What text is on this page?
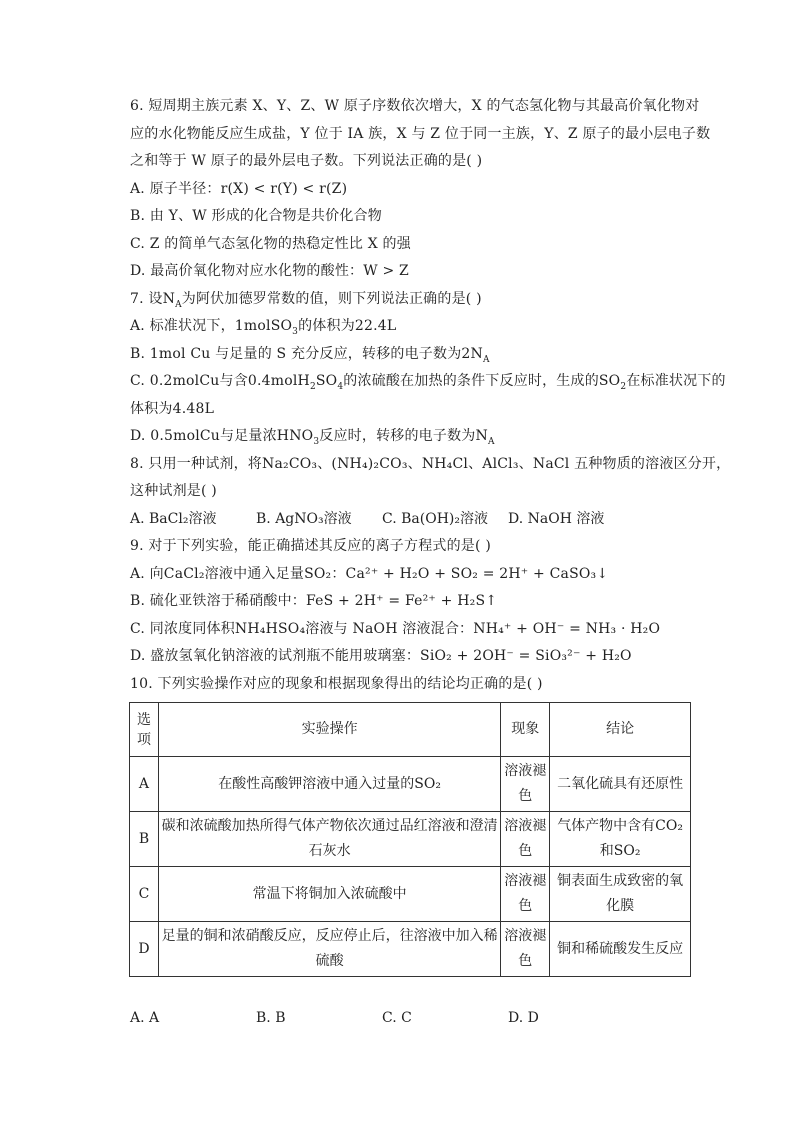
6. 短周期主族元素 X、Y、Z、W 原子序数依次增大，X 的气态氢化物与其最高价氧化物对
应的水化物能反应生成盐，Y 位于 IA 族，X 与 Z 位于同一主族，Y、Z 原子的最小层电子数
之和等于 W 原子的最外层电子数。下列说法正确的是( )
A. 原子半径：r(X) < r(Y) < r(Z)
B. 由 Y、W 形成的化合物是共价化合物
C. Z 的简单气态氢化物的热稳定性比 X 的强
D. 最高价氧化物对应水化物的酸性：W > Z
7. 设$N_A$为阿伏加德罗常数的值，则下列说法正确的是( )
A. 标准状况下，1molSO$_3$的体积为22.4L
B. 1mol Cu 与足量的 S 充分反应，转移的电子数为$2N_A$
C. 0.2molCu与含$0.4molH_2SO_4$的浓硫酸在加热的条件下反应时，生成的$SO_2$在标准状况下的
体积为4.48L
D. 0.5molCu与足量浓$HNO_3$反应时，转移的电子数为$N_A$
8. 只用一种试剂，将Na₂CO₃、(NH₄)₂CO₃、NH₄Cl、AlCl₃、NaCl 五种物质的溶液区分开，
这种试剂是( )
A. BaCl₂溶液	B. AgNO₃溶液 C. Ba(OH)₂溶液 D. NaOH 溶液
9. 对于下列实验，能正确描述其反应的离子方程式的是( )
A. 向CaCl₂溶液中通入足量SO₂：Ca²⁺ + H₂O + SO₂ = 2H⁺ + CaSO₃↓
B. 硫化亚铁溶于稀硝酸中：FeS + 2H⁺ = Fe²⁺ + H₂S↑
C. 同浓度同体积NH₄HSO₄溶液与 NaOH 溶液混合：NH₄⁺ + OH⁻ = NH₃ · H₂O
D. 盛放氢氧化钠溶液的试剂瓶不能用玻璃塞：SiO₂ + 2OH⁻ = SiO₃²⁻ + H₂O
10. 下列实验操作对应的现象和根据现象得出的结论均正确的是( )
选项	实验操作	现象	结论
A	在酸性高酸钾溶液中通入过量的SO₂	溶液褪色	二氧化硫具有还原性
B	碳和浓硫酸加热所得气体产物依次通过品红溶液和澄清石灰水	溶液褪色	气体产物中含有CO₂和SO₂
C	常温下将铜加入浓硫酸中	溶液褪色	铜表面生成致密的氧化膜
D	足量的铜和浓硝酸反应，反应停止后，往溶液中加入稀硫酸	溶液褪色	铜和稀硫酸发生反应
A. A	B. B	C. C	D. D
